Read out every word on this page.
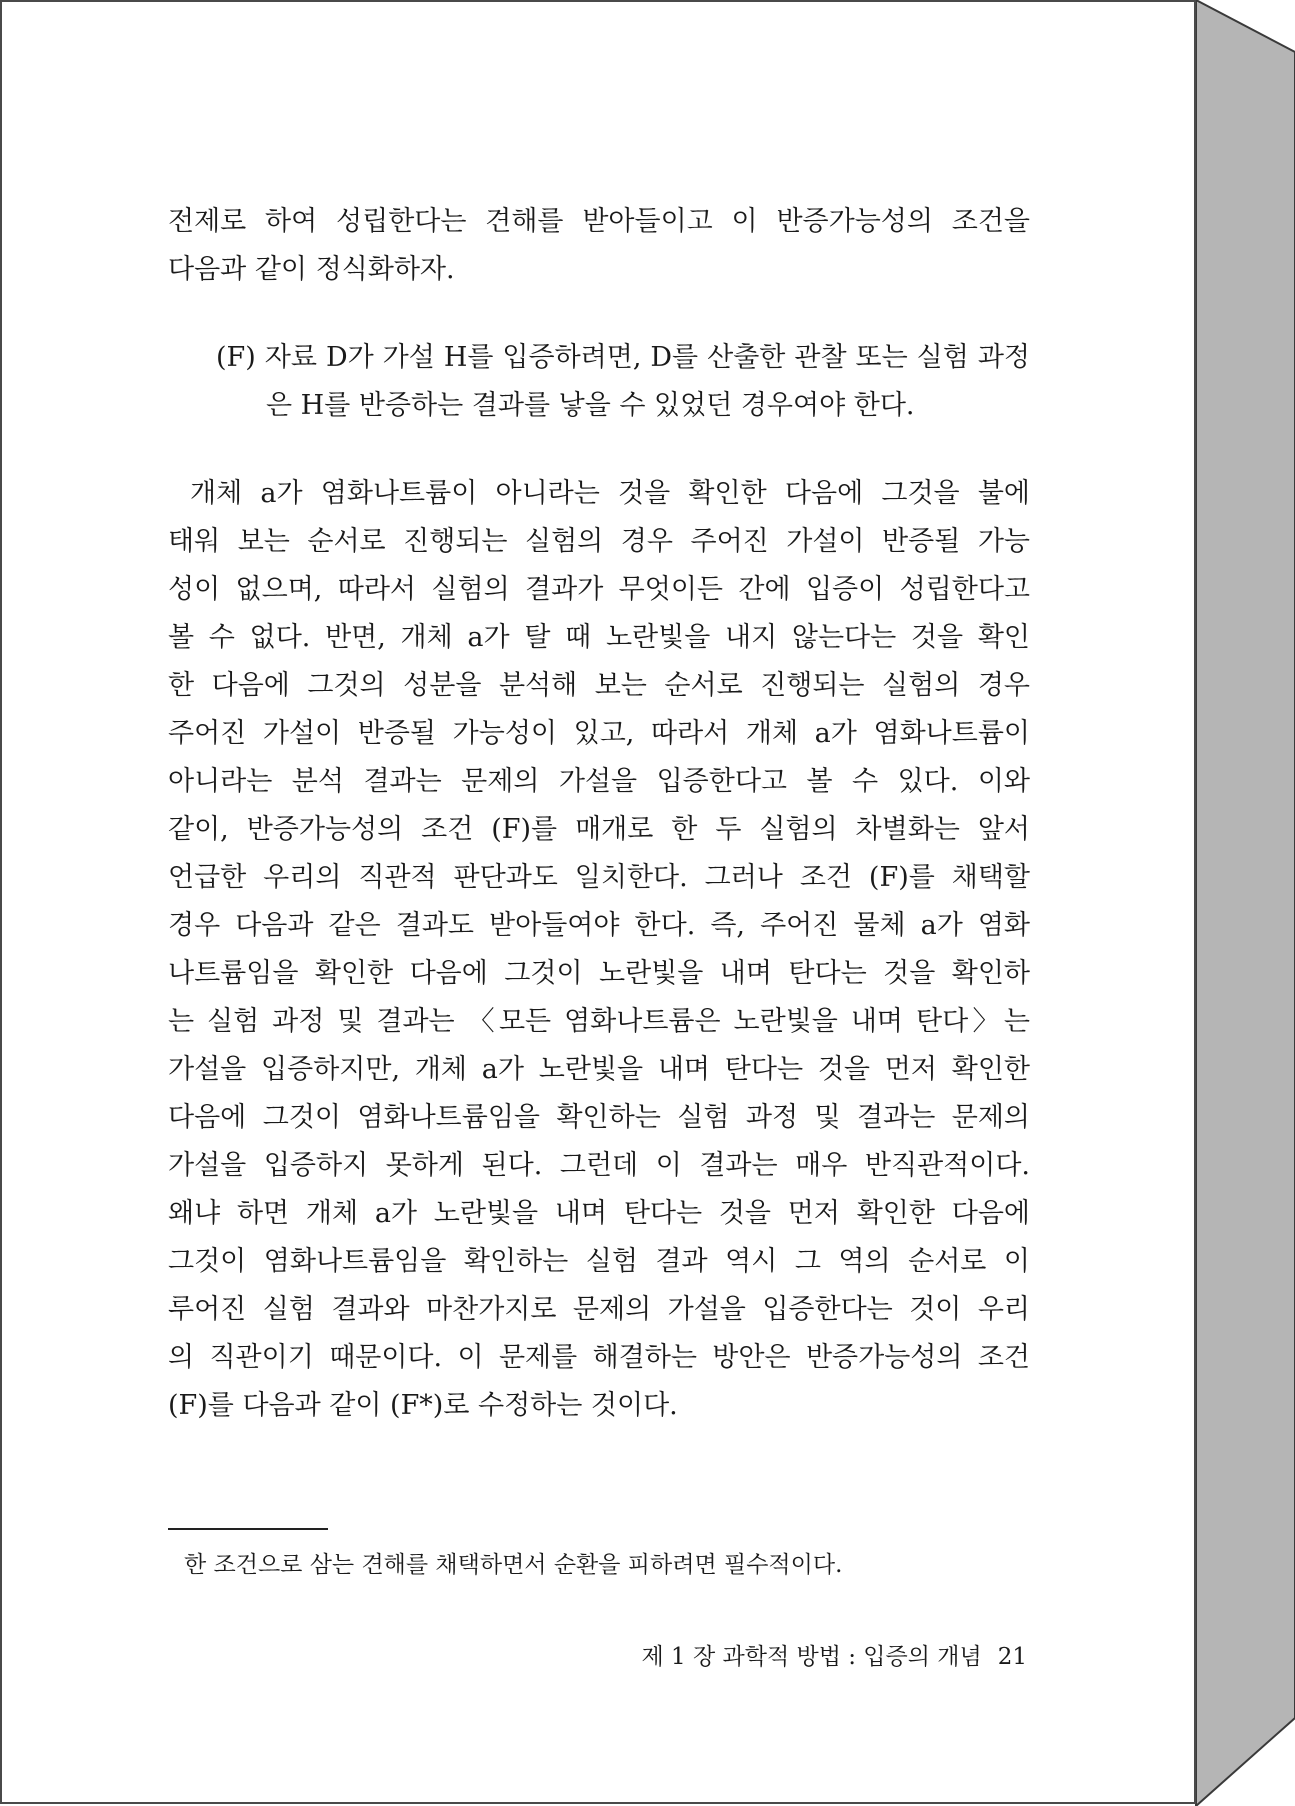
전제로 하여 성립한다는 견해를 받아들이고 이 반증가능성의 조건을
다음과 같이 정식화하자.
(F) 자료 D가 가설 H를 입증하려면, D를 산출한 관찰 또는 실험 과정
은 H를 반증하는 결과를 낳을 수 있었던 경우여야 한다.
개체 a가 염화나트륨이 아니라는 것을 확인한 다음에 그것을 불에
태워 보는 순서로 진행되는 실험의 경우 주어진 가설이 반증될 가능
성이 없으며, 따라서 실험의 결과가 무엇이든 간에 입증이 성립한다고
볼 수 없다. 반면, 개체 a가 탈 때 노란빛을 내지 않는다는 것을 확인
한 다음에 그것의 성분을 분석해 보는 순서로 진행되는 실험의 경우
주어진 가설이 반증될 가능성이 있고, 따라서 개체 a가 염화나트륨이
아니라는 분석 결과는 문제의 가설을 입증한다고 볼 수 있다. 이와
같이, 반증가능성의 조건 (F)를 매개로 한 두 실험의 차별화는 앞서
언급한 우리의 직관적 판단과도 일치한다. 그러나 조건 (F)를 채택할
경우 다음과 같은 결과도 받아들여야 한다. 즉, 주어진 물체 a가 염화
나트륨임을 확인한 다음에 그것이 노란빛을 내며 탄다는 것을 확인하
는 실험 과정 및 결과는 〈모든 염화나트륨은 노란빛을 내며 탄다〉는
가설을 입증하지만, 개체 a가 노란빛을 내며 탄다는 것을 먼저 확인한
다음에 그것이 염화나트륨임을 확인하는 실험 과정 및 결과는 문제의
가설을 입증하지 못하게 된다. 그런데 이 결과는 매우 반직관적이다.
왜냐 하면 개체 a가 노란빛을 내며 탄다는 것을 먼저 확인한 다음에
그것이 염화나트륨임을 확인하는 실험 결과 역시 그 역의 순서로 이
루어진 실험 결과와 마찬가지로 문제의 가설을 입증한다는 것이 우리
의 직관이기 때문이다. 이 문제를 해결하는 방안은 반증가능성의 조건
(F)를 다음과 같이 (F*)로 수정하는 것이다.
한 조건으로 삼는 견해를 채택하면서 순환을 피하려면 필수적이다.
제 1 장 과학적 방법 : 입증의 개념 21
